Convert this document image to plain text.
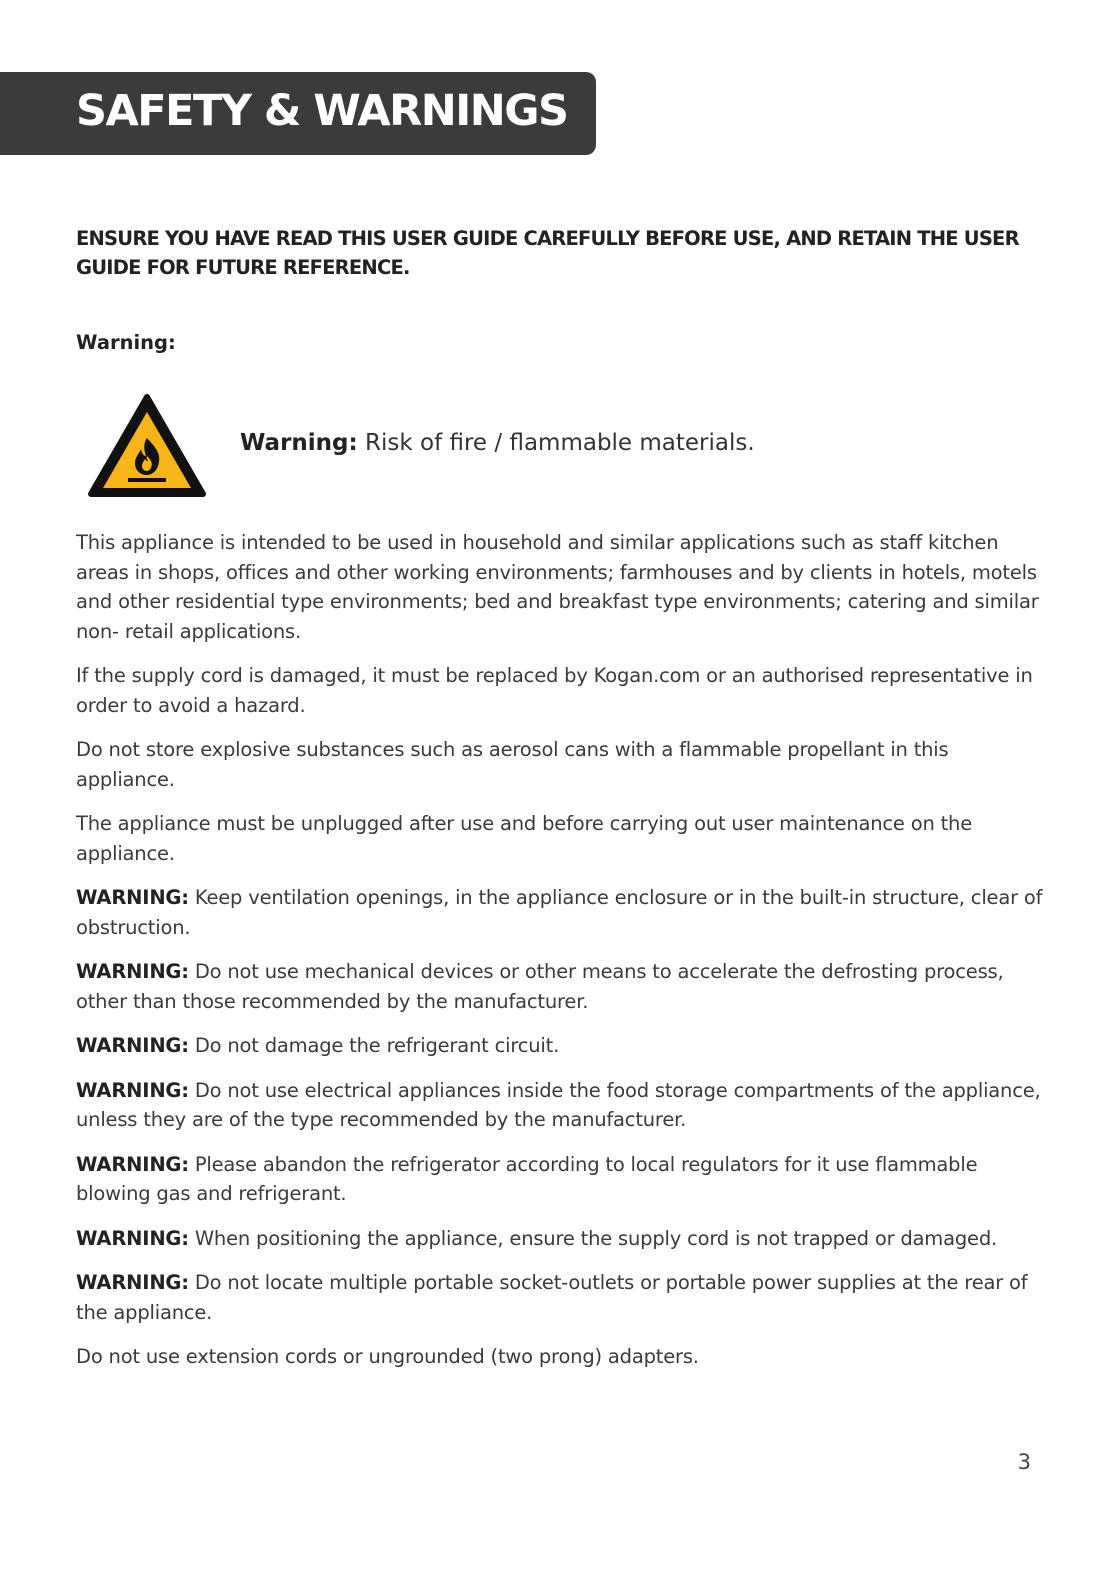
SAFETY & WARNINGS

ENSURE YOU HAVE READ THIS USER GUIDE CAREFULLY BEFORE USE, AND RETAIN THE USER GUIDE FOR FUTURE REFERENCE.

Warning:

Warning: Risk of fire / flammable materials.

This appliance is intended to be used in household and similar applications such as staff kitchen areas in shops, offices and other working environments; farmhouses and by clients in hotels, motels and other residential type environments; bed and breakfast type environments; catering and similar non- retail applications.

If the supply cord is damaged, it must be replaced by Kogan.com or an authorised representative in order to avoid a hazard.

Do not store explosive substances such as aerosol cans with a flammable propellant in this appliance.

The appliance must be unplugged after use and before carrying out user maintenance on the appliance.

WARNING: Keep ventilation openings, in the appliance enclosure or in the built-in structure, clear of obstruction.

WARNING: Do not use mechanical devices or other means to accelerate the defrosting process, other than those recommended by the manufacturer.

WARNING: Do not damage the refrigerant circuit.

WARNING: Do not use electrical appliances inside the food storage compartments of the appliance, unless they are of the type recommended by the manufacturer.

WARNING: Please abandon the refrigerator according to local regulators for it use flammable blowing gas and refrigerant.

WARNING: When positioning the appliance, ensure the supply cord is not trapped or damaged.

WARNING: Do not locate multiple portable socket-outlets or portable power supplies at the rear of the appliance.

Do not use extension cords or ungrounded (two prong) adapters.

3
